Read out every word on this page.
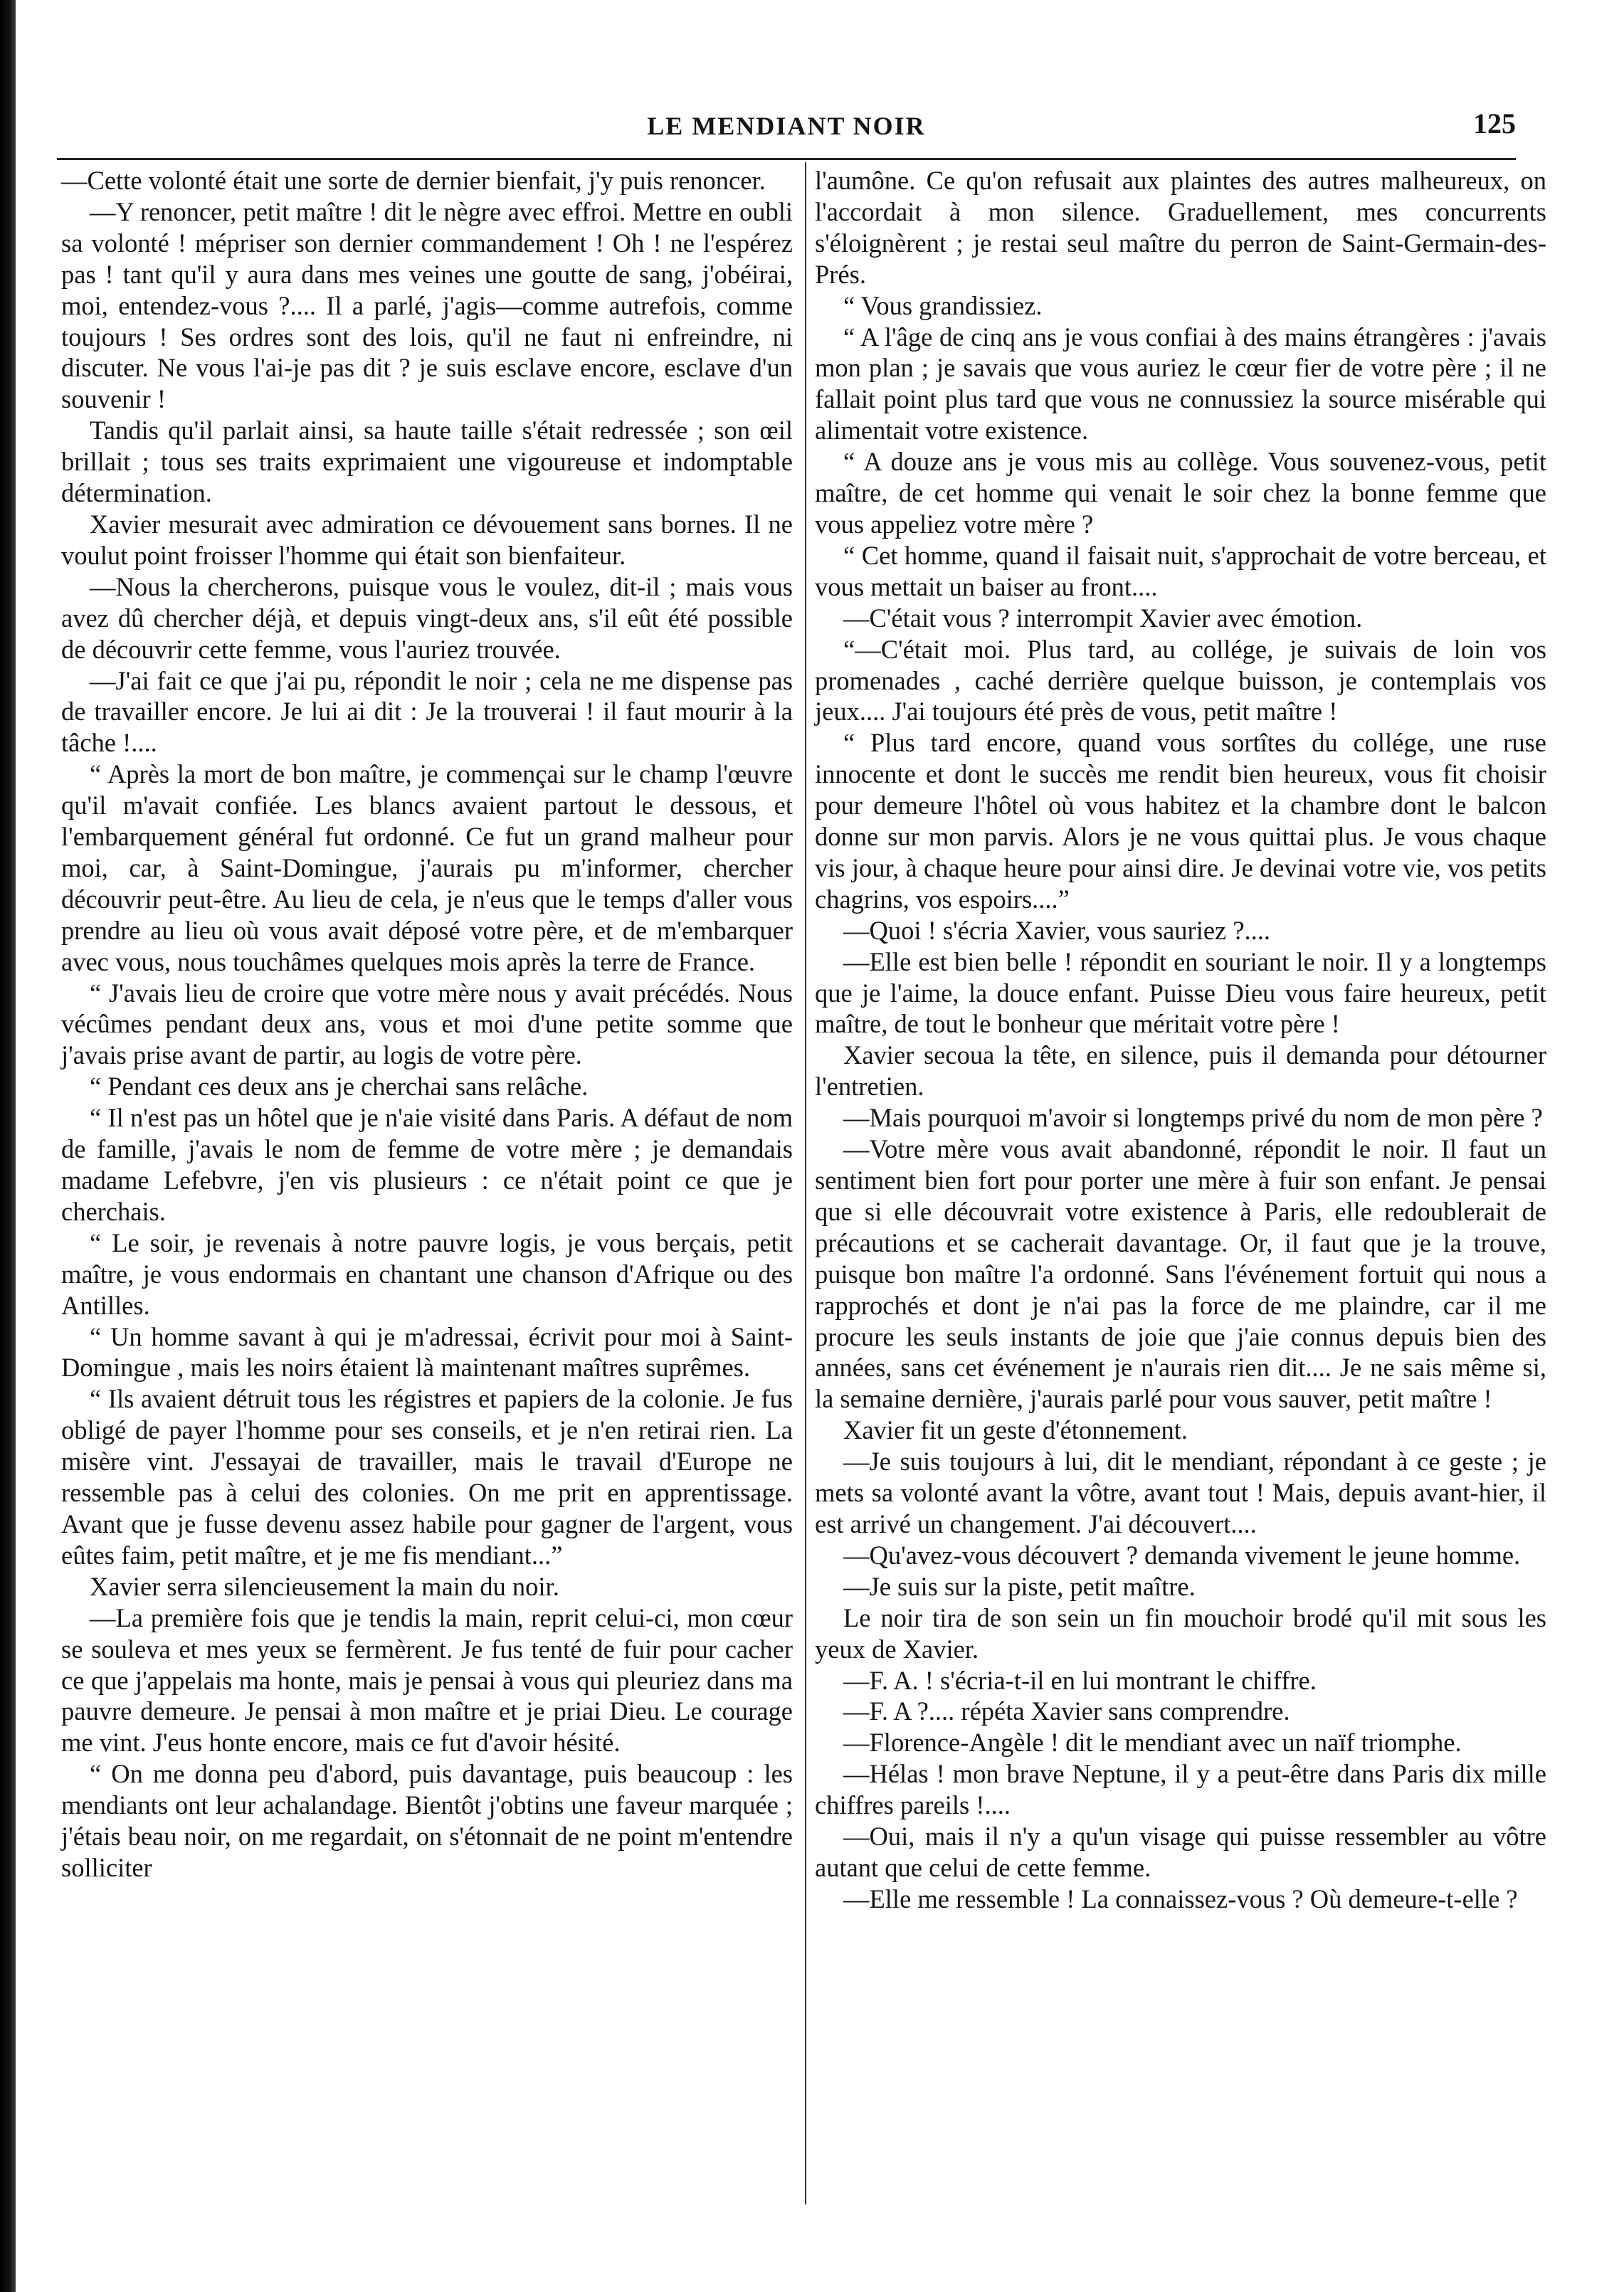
LE MENDIANT NOIR	125

—Cette volonté était une sorte de dernier bienfait, j'y puis renoncer.

—Y renoncer, petit maître ! dit le nègre avec effroi. Mettre en oubli sa volonté ! mépriser son dernier commandement ! Oh ! ne l'espérez pas ! tant qu'il y aura dans mes veines une goutte de sang, j'obéirai, moi, entendez-vous ?.... Il a parlé, j'agis—comme autrefois, comme toujours ! Ses ordres sont des lois, qu'il ne faut ni enfreindre, ni discuter. Ne vous l'ai-je pas dit ? je suis esclave encore, esclave d'un souvenir !

Tandis qu'il parlait ainsi, sa haute taille s'était redressée ; son œil brillait ; tous ses traits exprimaient une vigoureuse et indomptable détermination.

Xavier mesurait avec admiration ce dévouement sans bornes. Il ne voulut point froisser l'homme qui était son bienfaiteur.

—Nous la chercherons, puisque vous le voulez, dit-il ; mais vous avez dû chercher déjà, et depuis vingt-deux ans, s'il eût été possible de découvrir cette femme, vous l'auriez trouvée.

—J'ai fait ce que j'ai pu, répondit le noir ; cela ne me dispense pas de travailler encore. Je lui ai dit : Je la trouverai ! il faut mourir à la tâche !....

“ Après la mort de bon maître, je commençai sur le champ l'œuvre qu'il m'avait confiée. Les blancs avaient partout le dessous, et l'embarquement général fut ordonné. Ce fut un grand malheur pour moi, car, à Saint-Domingue, j'aurais pu m'informer, chercher découvrir peut-être. Au lieu de cela, je n'eus que le temps d'aller vous prendre au lieu où vous avait déposé votre père, et de m'embarquer avec vous, nous touchâmes quelques mois après la terre de France.

“ J'avais lieu de croire que votre mère nous y avait précédés. Nous vécûmes pendant deux ans, vous et moi d'une petite somme que j'avais prise avant de partir, au logis de votre père.

“ Pendant ces deux ans je cherchai sans relâche.

“ Il n'est pas un hôtel que je n'aie visité dans Paris. A défaut de nom de famille, j'avais le nom de femme de votre mère ; je demandais madame Lefebvre, j'en vis plusieurs : ce n'était point ce que je cherchais.

“ Le soir, je revenais à notre pauvre logis, je vous berçais, petit maître, je vous endormais en chantant une chanson d'Afrique ou des Antilles.

“ Un homme savant à qui je m'adressai, écrivit pour moi à Saint-Domingue , mais les noirs étaient là maintenant maîtres suprêmes.

“ Ils avaient détruit tous les régistres et papiers de la colonie. Je fus obligé de payer l'homme pour ses conseils, et je n'en retirai rien. La misère vint. J'essayai de travailler, mais le travail d'Europe ne ressemble pas à celui des colonies. On me prit en apprentissage. Avant que je fusse devenu assez habile pour gagner de l'argent, vous eûtes faim, petit maître, et je me fis mendiant...”

Xavier serra silencieusement la main du noir.

—La première fois que je tendis la main, reprit celui-ci, mon cœur se souleva et mes yeux se fermèrent. Je fus tenté de fuir pour cacher ce que j'appelais ma honte, mais je pensai à vous qui pleuriez dans ma pauvre demeure. Je pensai à mon maître et je priai Dieu. Le courage me vint. J'eus honte encore, mais ce fut d'avoir hésité.

“ On me donna peu d'abord, puis davantage, puis beaucoup : les mendiants ont leur achalandage. Bientôt j'obtins une faveur marquée ; j'étais beau noir, on me regardait, on s'étonnait de ne point m'entendre solliciter

l'aumône. Ce qu'on refusait aux plaintes des autres malheureux, on l'accordait à mon silence. Graduellement, mes concurrents s'éloignèrent ; je restai seul maître du perron de Saint-Germain-des-Prés.

“ Vous grandissiez.

“ A l'âge de cinq ans je vous confiai à des mains étrangères : j'avais mon plan ; je savais que vous auriez le cœur fier de votre père ; il ne fallait point plus tard que vous ne connussiez la source misérable qui alimentait votre existence.

“ A douze ans je vous mis au collège. Vous souvenez-vous, petit maître, de cet homme qui venait le soir chez la bonne femme que vous appeliez votre mère ?

“ Cet homme, quand il faisait nuit, s'approchait de votre berceau, et vous mettait un baiser au front....

—C'était vous ? interrompit Xavier avec émotion.

“—C'était moi. Plus tard, au collége, je suivais de loin vos promenades , caché derrière quelque buisson, je contemplais vos jeux.... J'ai toujours été près de vous, petit maître !

“ Plus tard encore, quand vous sortîtes du collége, une ruse innocente et dont le succès me rendit bien heureux, vous fit choisir pour demeure l'hôtel où vous habitez et la chambre dont le balcon donne sur mon parvis. Alors je ne vous quittai plus. Je vous chaque vis jour, à chaque heure pour ainsi dire. Je devinai votre vie, vos petits chagrins, vos espoirs....”

—Quoi ! s'écria Xavier, vous sauriez ?....

—Elle est bien belle ! répondit en souriant le noir. Il y a longtemps que je l'aime, la douce enfant. Puisse Dieu vous faire heureux, petit maître, de tout le bonheur que méritait votre père !

Xavier secoua la tête, en silence, puis il demanda pour détourner l'entretien.

—Mais pourquoi m'avoir si longtemps privé du nom de mon père ?

—Votre mère vous avait abandonné, répondit le noir. Il faut un sentiment bien fort pour porter une mère à fuir son enfant. Je pensai que si elle découvrait votre existence à Paris, elle redoublerait de précautions et se cacherait davantage. Or, il faut que je la trouve, puisque bon maître l'a ordonné. Sans l'événement fortuit qui nous a rapprochés et dont je n'ai pas la force de me plaindre, car il me procure les seuls instants de joie que j'aie connus depuis bien des années, sans cet événement je n'aurais rien dit.... Je ne sais même si, la semaine dernière, j'aurais parlé pour vous sauver, petit maître !

Xavier fit un geste d'étonnement.

—Je suis toujours à lui, dit le mendiant, répondant à ce geste ; je mets sa volonté avant la vôtre, avant tout ! Mais, depuis avant-hier, il est arrivé un changement. J'ai découvert....

—Qu'avez-vous découvert ? demanda vivement le jeune homme.

—Je suis sur la piste, petit maître.

Le noir tira de son sein un fin mouchoir brodé qu'il mit sous les yeux de Xavier.

—F. A. ! s'écria-t-il en lui montrant le chiffre.

—F. A ?.... répéta Xavier sans comprendre.

—Florence-Angèle ! dit le mendiant avec un naïf triomphe.

—Hélas ! mon brave Neptune, il y a peut-être dans Paris dix mille chiffres pareils !....

—Oui, mais il n'y a qu'un visage qui puisse ressembler au vôtre autant que celui de cette femme.

—Elle me ressemble ! La connaissez-vous ? Où demeure-t-elle ?
